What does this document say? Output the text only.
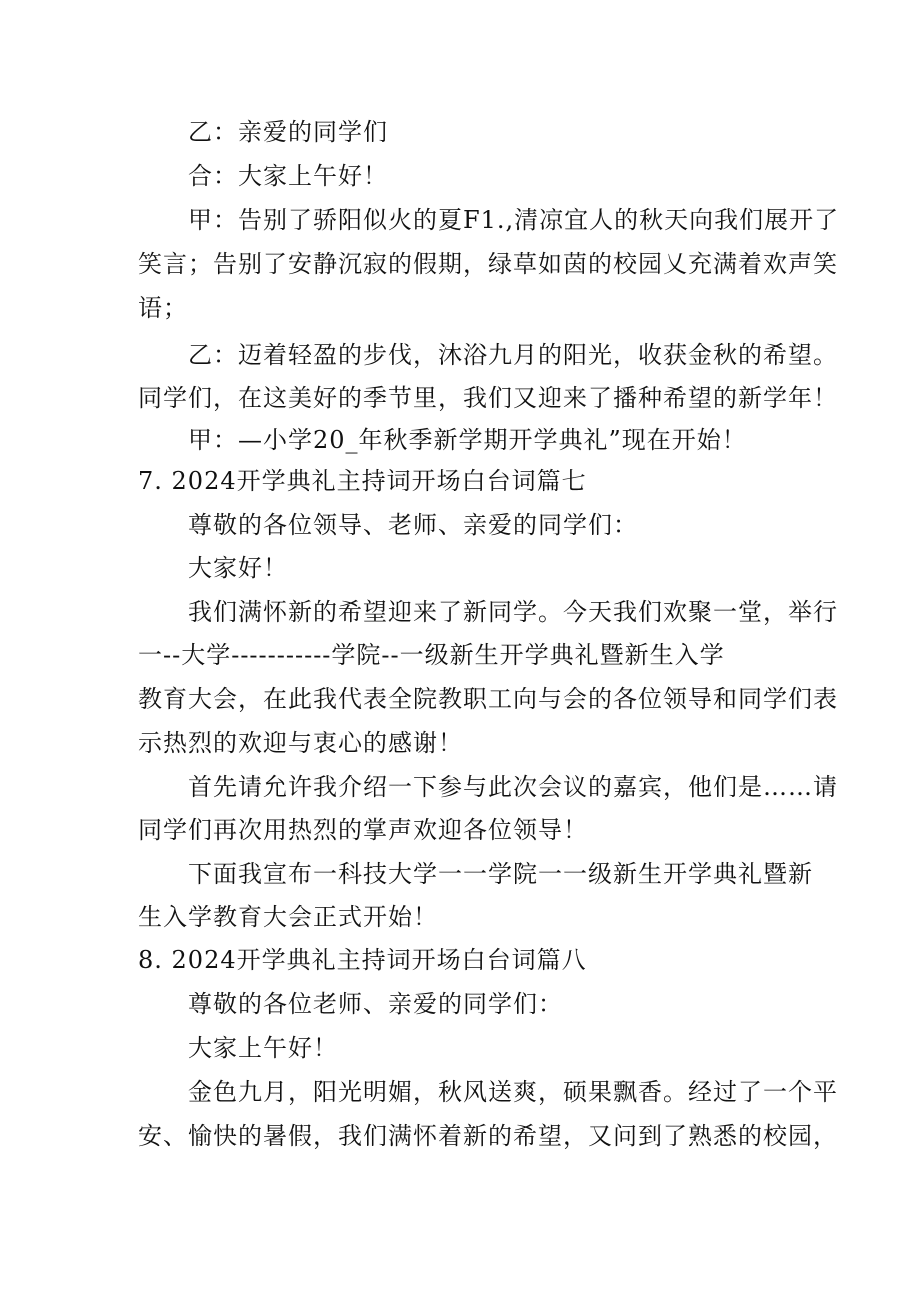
乙：亲爱的同学们
合：大家上午好！
甲：告别了骄阳似火的夏F1.,清凉宜人的秋天向我们展开了
笑言；告别了安静沉寂的假期，绿草如茵的校园乂充满着欢声笑
语；
乙：迈着轻盈的步伐，沐浴九月的阳光，收获金秋的希望。
同学们，在这美好的季节里，我们又迎来了播种希望的新学年！
甲：—小学20_年秋季新学期开学典礼”现在开始！
7. 2024开学典礼主持词开场白台词篇七
尊敬的各位领导、老师、亲爱的同学们：
大家好！
我们满怀新的希望迎来了新同学。今天我们欢聚一堂，举行
一--大学-----------学院--一级新生开学典礼暨新生入学
教育大会，在此我代表全院教职工向与会的各位领导和同学们表
示热烈的欢迎与衷心的感谢！
首先请允许我介绍一下参与此次会议的嘉宾，他们是……请
同学们再次用热烈的掌声欢迎各位领导！
下面我宣布一科技大学一一学院一一级新生开学典礼暨新
生入学教育大会正式开始！
8. 2024开学典礼主持词开场白台词篇八
尊敬的各位老师、亲爱的同学们：
大家上午好！
金色九月，阳光明媚，秋风送爽，硕果飘香。经过了一个平
安、愉快的暑假，我们满怀着新的希望，又问到了熟悉的校园，
